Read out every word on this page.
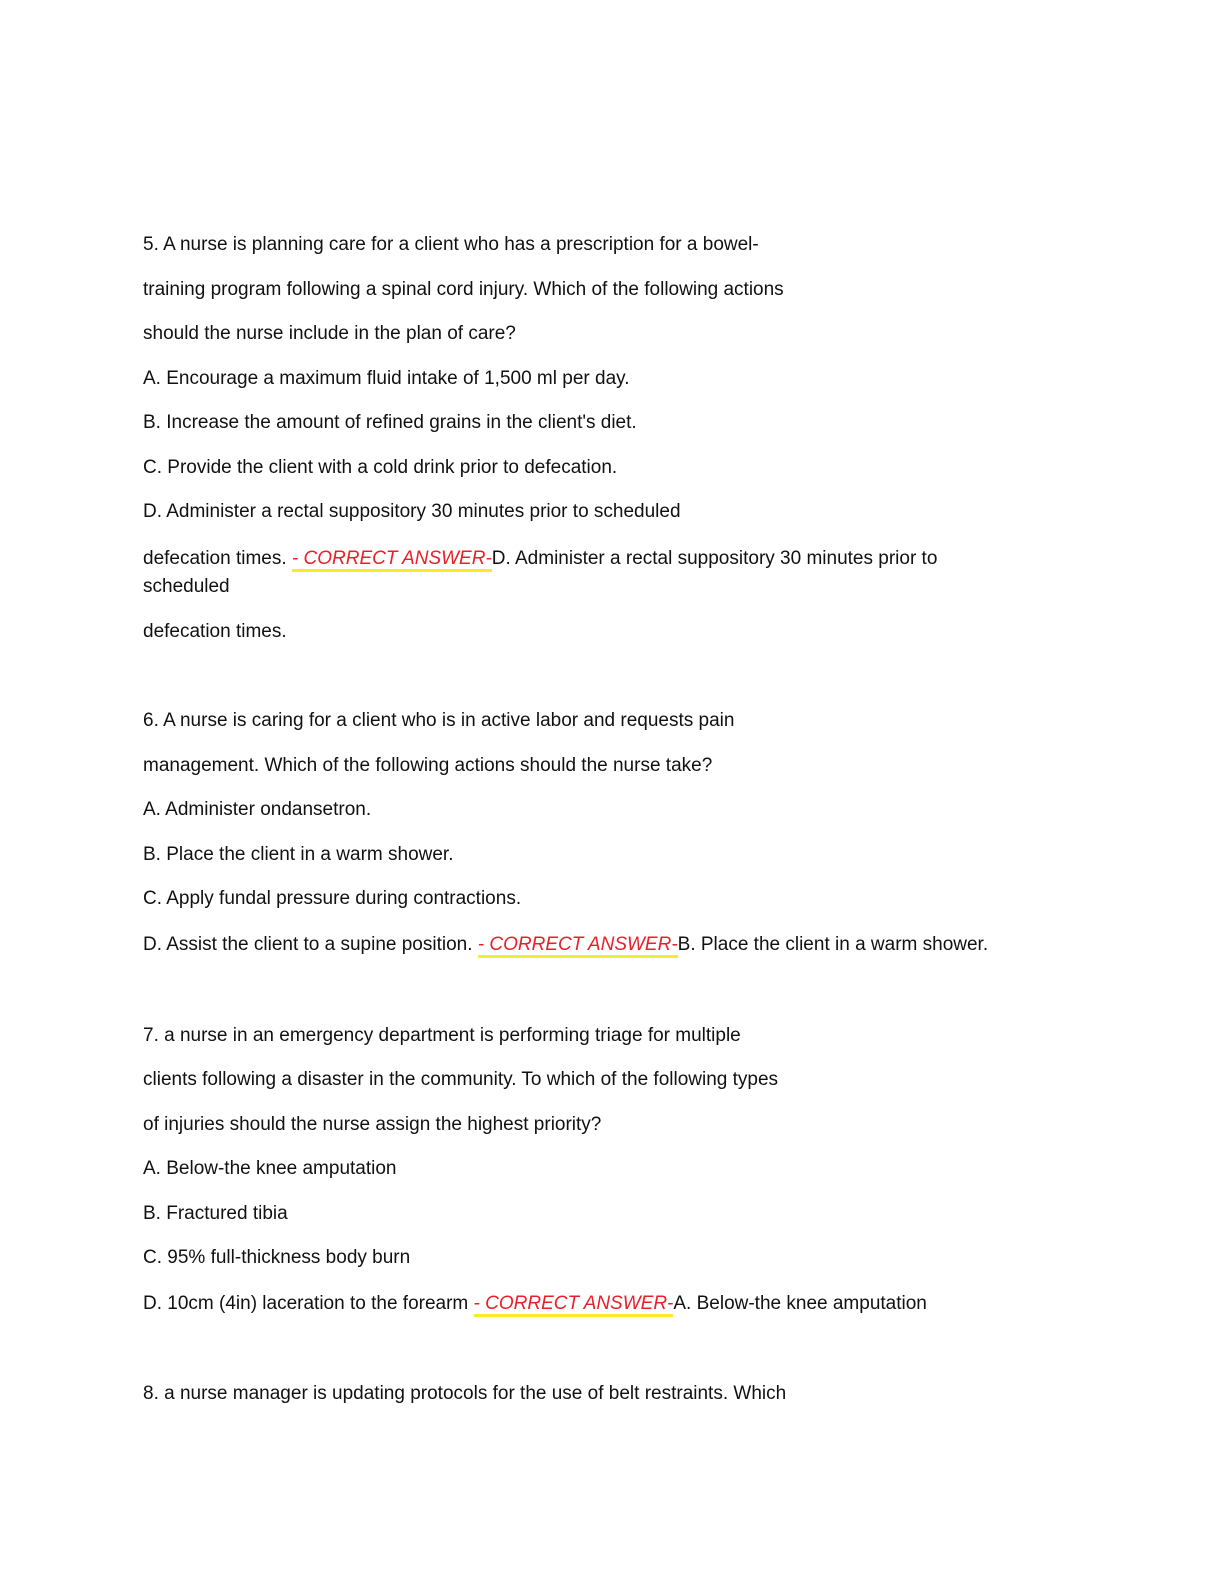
5. A nurse is planning care for a client who has a prescription for a bowel-
training program following a spinal cord injury. Which of the following actions
should the nurse include in the plan of care?
A. Encourage a maximum fluid intake of 1,500 ml per day.
B. Increase the amount of refined grains in the client's diet.
C. Provide the client with a cold drink prior to defecation.
D. Administer a rectal suppository 30 minutes prior to scheduled
defecation times. - CORRECT ANSWER-D. Administer a rectal suppository 30 minutes prior to scheduled
defecation times.
6. A nurse is caring for a client who is in active labor and requests pain
management. Which of the following actions should the nurse take?
A. Administer ondansetron.
B. Place the client in a warm shower.
C. Apply fundal pressure during contractions.
D. Assist the client to a supine position. - CORRECT ANSWER-B. Place the client in a warm shower.
7. a nurse in an emergency department is performing triage for multiple
clients following a disaster in the community. To which of the following types
of injuries should the nurse assign the highest priority?
A. Below-the knee amputation
B. Fractured tibia
C. 95% full-thickness body burn
D. 10cm (4in) laceration to the forearm - CORRECT ANSWER-A. Below-the knee amputation
8. a nurse manager is updating protocols for the use of belt restraints. Which
